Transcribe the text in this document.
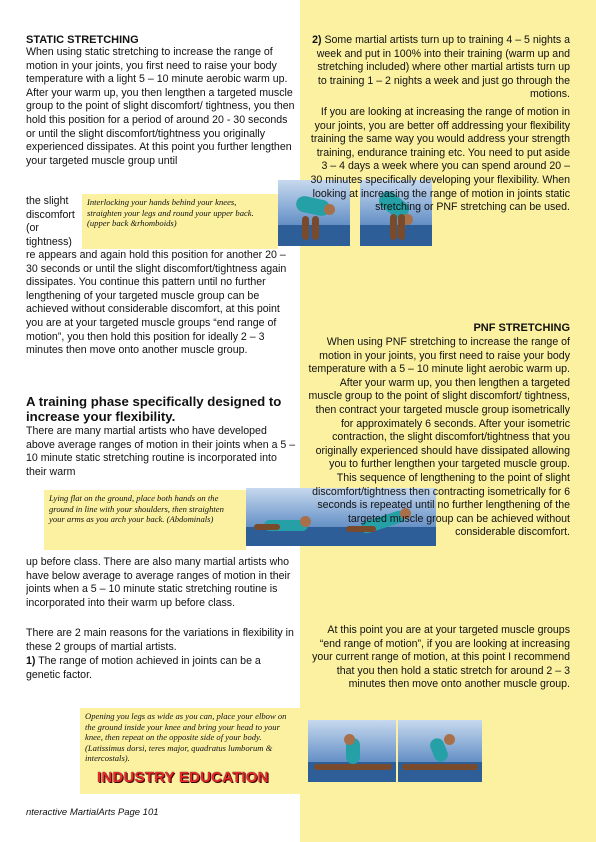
STATIC STRETCHING
When using static stretching to increase the range of motion in your joints, you first need to raise your body temperature with a light 5 – 10 minute aerobic warm up. After your warm up, you then lengthen a targeted muscle group to the point of slight discomfort/ tightness, you then hold this position for a period of around 20 - 30 seconds or until the slight discomfort/tightness you originally experienced dissipates. At this point you further lengthen your targeted muscle group until
the slight discomfort (or tightness)
re appears and again hold this position for another 20 – 30 seconds or until the slight discomfort/tightness again dissipates. You continue this pattern until no further lengthening of your targeted muscle group can be achieved without considerable discomfort, at this point you are at your targeted muscle groups “end range of motion”, you then hold this position for ideally 2 – 3 minutes then move onto another muscle group.
Interlocking your hands behind your knees, straighten your legs and round your upper back. (upper back &rhomboids)
A training phase specifically designed to increase your flexibility.
There are many martial artists who have developed above average ranges of motion in their joints when a 5 – 10 minute static stretching routine is incorporated into their warm
Lying flat on the ground, place both hands on the ground in line with your shoulders, then straighten your arms as you arch your back. (Abdominals)
up before class. There are also many martial artists who have below average to average ranges of motion in their joints when a 5 – 10 minute static stretching routine is incorporated into their warm up before class.
There are 2 main reasons for the variations in flexibility in these 2 groups of martial artists.
1) The range of motion achieved in joints can be a genetic factor.
Opening you legs as wide as you can, place your elbow on the ground inside your knee and bring your head to your knee, then repeat on the opposite side of your body. (Latissimus dorsi, teres major, quadratus lumborum & intercostals).
INDUSTRY EDUCATION
nteractive MartialArts Page 101
2) Some martial artists turn up to training 4 – 5 nights a week and put in 100% into their training (warm up and stretching included) where other martial artists turn up to training 1 – 2 nights a week and just go through the motions.
If you are looking at increasing the range of motion in your joints, you are better off addressing your flexibility training the same way you would address your strength training, endurance training etc. You need to put aside 3 – 4 days a week where you can spend around 20 – 30 minutes specifically developing your flexibility. When looking at increasing the range of motion in joints static stretching or PNF stretching can be used.
PNF STRETCHING
When using PNF stretching to increase the range of motion in your joints, you first need to raise your body temperature with a 5 – 10 minute light aerobic warm up. After your warm up, you then lengthen a targeted muscle group to the point of slight discomfort/ tightness, then contract your targeted muscle group isometrically for approximately 6 seconds. After your isometric contraction, the slight discomfort/tightness that you originally experienced should have dissipated allowing you to further lengthen your targeted muscle group. This sequence of lengthening to the point of slight discomfort/tightness then contracting isometrically for 6 seconds is repeated until no further lengthening of the targeted muscle group can be achieved without considerable discomfort.
At this point you are at your targeted muscle groups “end range of motion”, if you are looking at increasing your current range of motion, at this point I recommend that you then hold a static stretch for around 2 – 3 minutes then move onto another muscle group.
